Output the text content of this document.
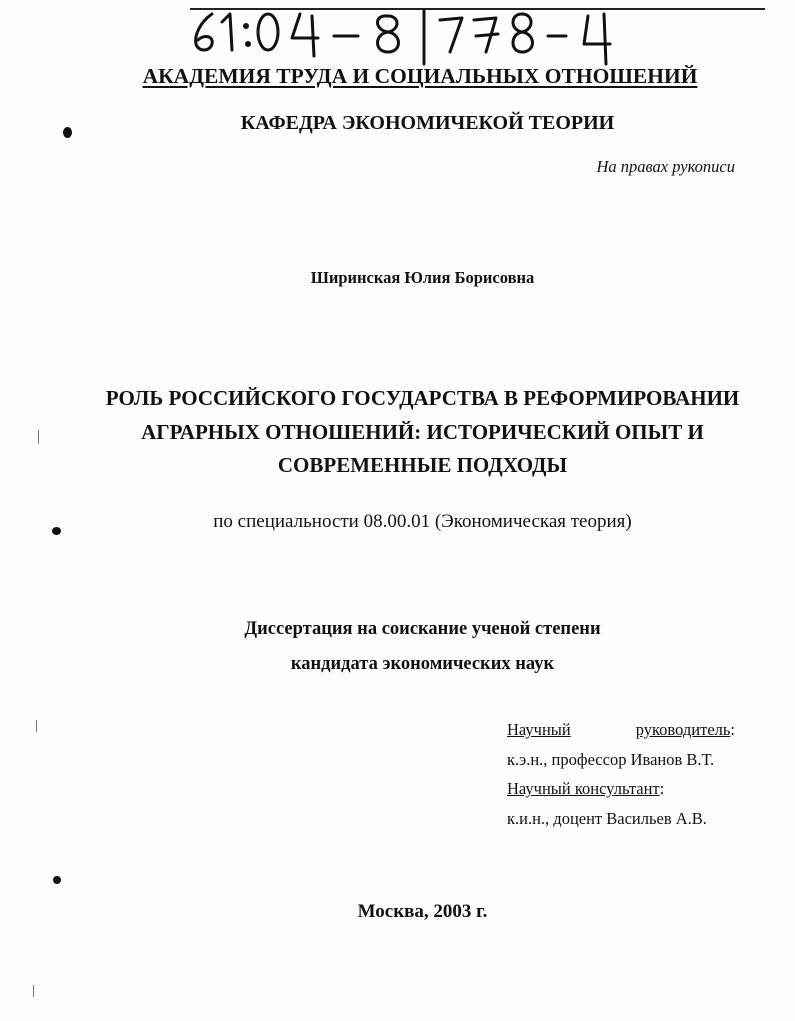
АКАДЕМИЯ ТРУДА И СОЦИАЛЬНЫХ ОТНОШЕНИЙ
КАФЕДРА ЭКОНОМИЧЕКОЙ ТЕОРИИ
На правах рукописи
Ширинская Юлия Борисовна
РОЛЬ РОССИЙСКОГО ГОСУДАРСТВА В РЕФОРМИРОВАНИИ
АГРАРНЫХ ОТНОШЕНИЙ: ИСТОРИЧЕСКИЙ ОПЫТ И
СОВРЕМЕННЫЕ ПОДХОДЫ
по специальности 08.00.01 (Экономическая теория)
Диссертация на соискание ученой степени
кандидата экономических наук
Научный	руководитель:
к.э.н., профессор Иванов В.Т.
Научный консультант:
к.и.н., доцент Васильев А.В.
Москва, 2003 г.
